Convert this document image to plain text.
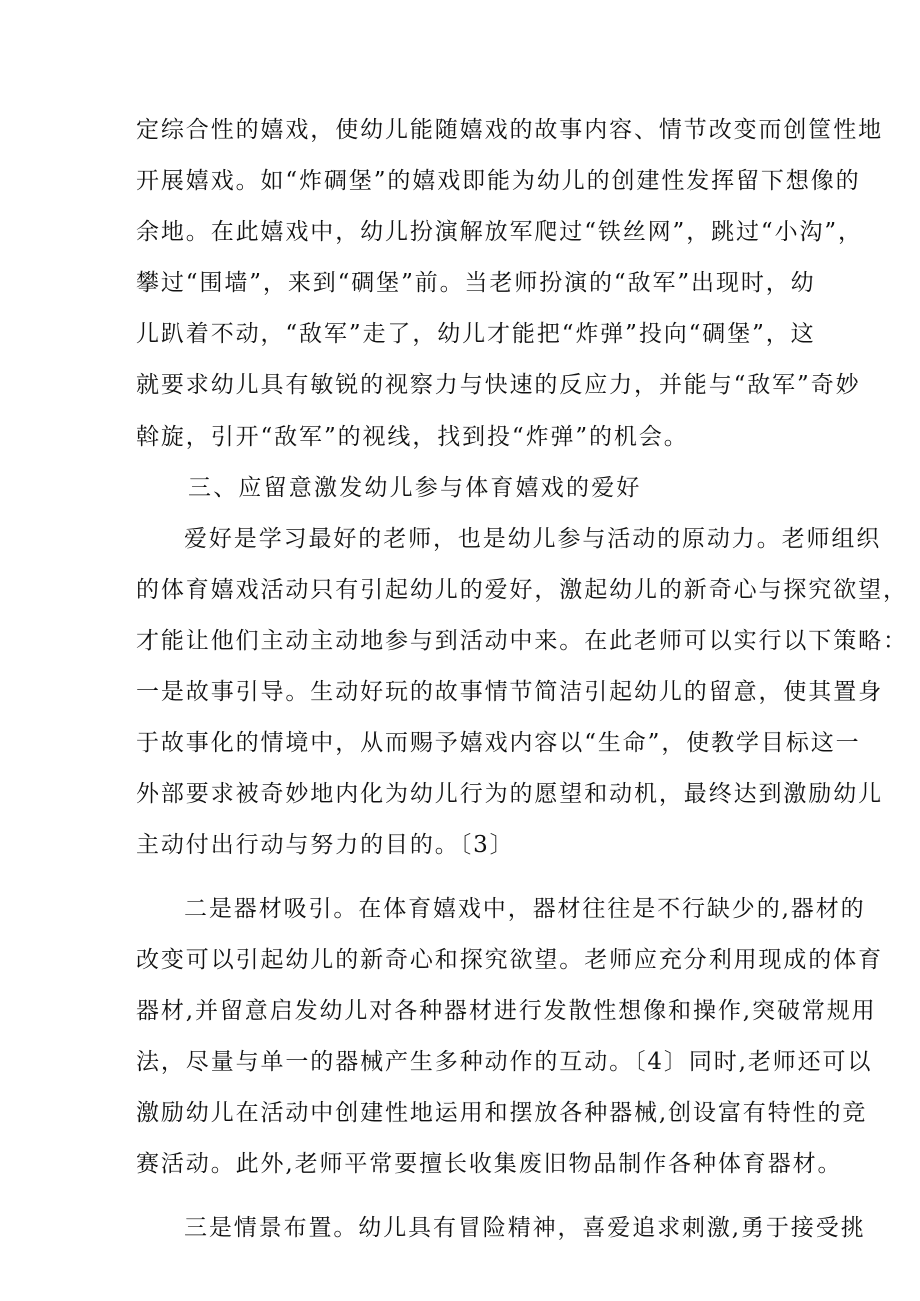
定综合性的嬉戏，使幼儿能随嬉戏的故事内容、情节改变而创筐性地
开展嬉戏。如“炸碉堡”的嬉戏即能为幼儿的创建性发挥留下想像的
余地。在此嬉戏中，幼儿扮演解放军爬过“铁丝网”，跳过“小沟”，
攀过“围墙”，来到“碉堡”前。当老师扮演的“敌军”出现时，幼
儿趴着不动，“敌军”走了，幼儿才能把“炸弹”投向“碉堡”，这
就要求幼儿具有敏锐的视察力与快速的反应力，并能与“敌军”奇妙
斡旋，引开“敌军”的视线，找到投“炸弹”的机会。
三、应留意激发幼儿参与体育嬉戏的爱好
爱好是学习最好的老师，也是幼儿参与活动的原动力。老师组织
的体育嬉戏活动只有引起幼儿的爱好，激起幼儿的新奇心与探究欲望，
才能让他们主动主动地参与到活动中来。在此老师可以实行以下策略：
一是故事引导。生动好玩的故事情节简洁引起幼儿的留意，使其置身
于故事化的情境中，从而赐予嬉戏内容以“生命”，使教学目标这一
外部要求被奇妙地内化为幼儿行为的愿望和动机，最终达到激励幼儿
主动付出行动与努力的目的。〔3〕
二是器材吸引。在体育嬉戏中，器材往往是不行缺少的,器材的
改变可以引起幼儿的新奇心和探究欲望。老师应充分利用现成的体育
器材,并留意启发幼儿对各种器材进行发散性想像和操作,突破常规用
法，尽量与单一的器械产生多种动作的互动。〔4〕同时,老师还可以
激励幼儿在活动中创建性地运用和摆放各种器械,创设富有特性的竞
赛活动。此外,老师平常要擅长收集废旧物品制作各种体育器材。
三是情景布置。幼儿具有冒险精神，喜爱追求刺激,勇于接受挑
